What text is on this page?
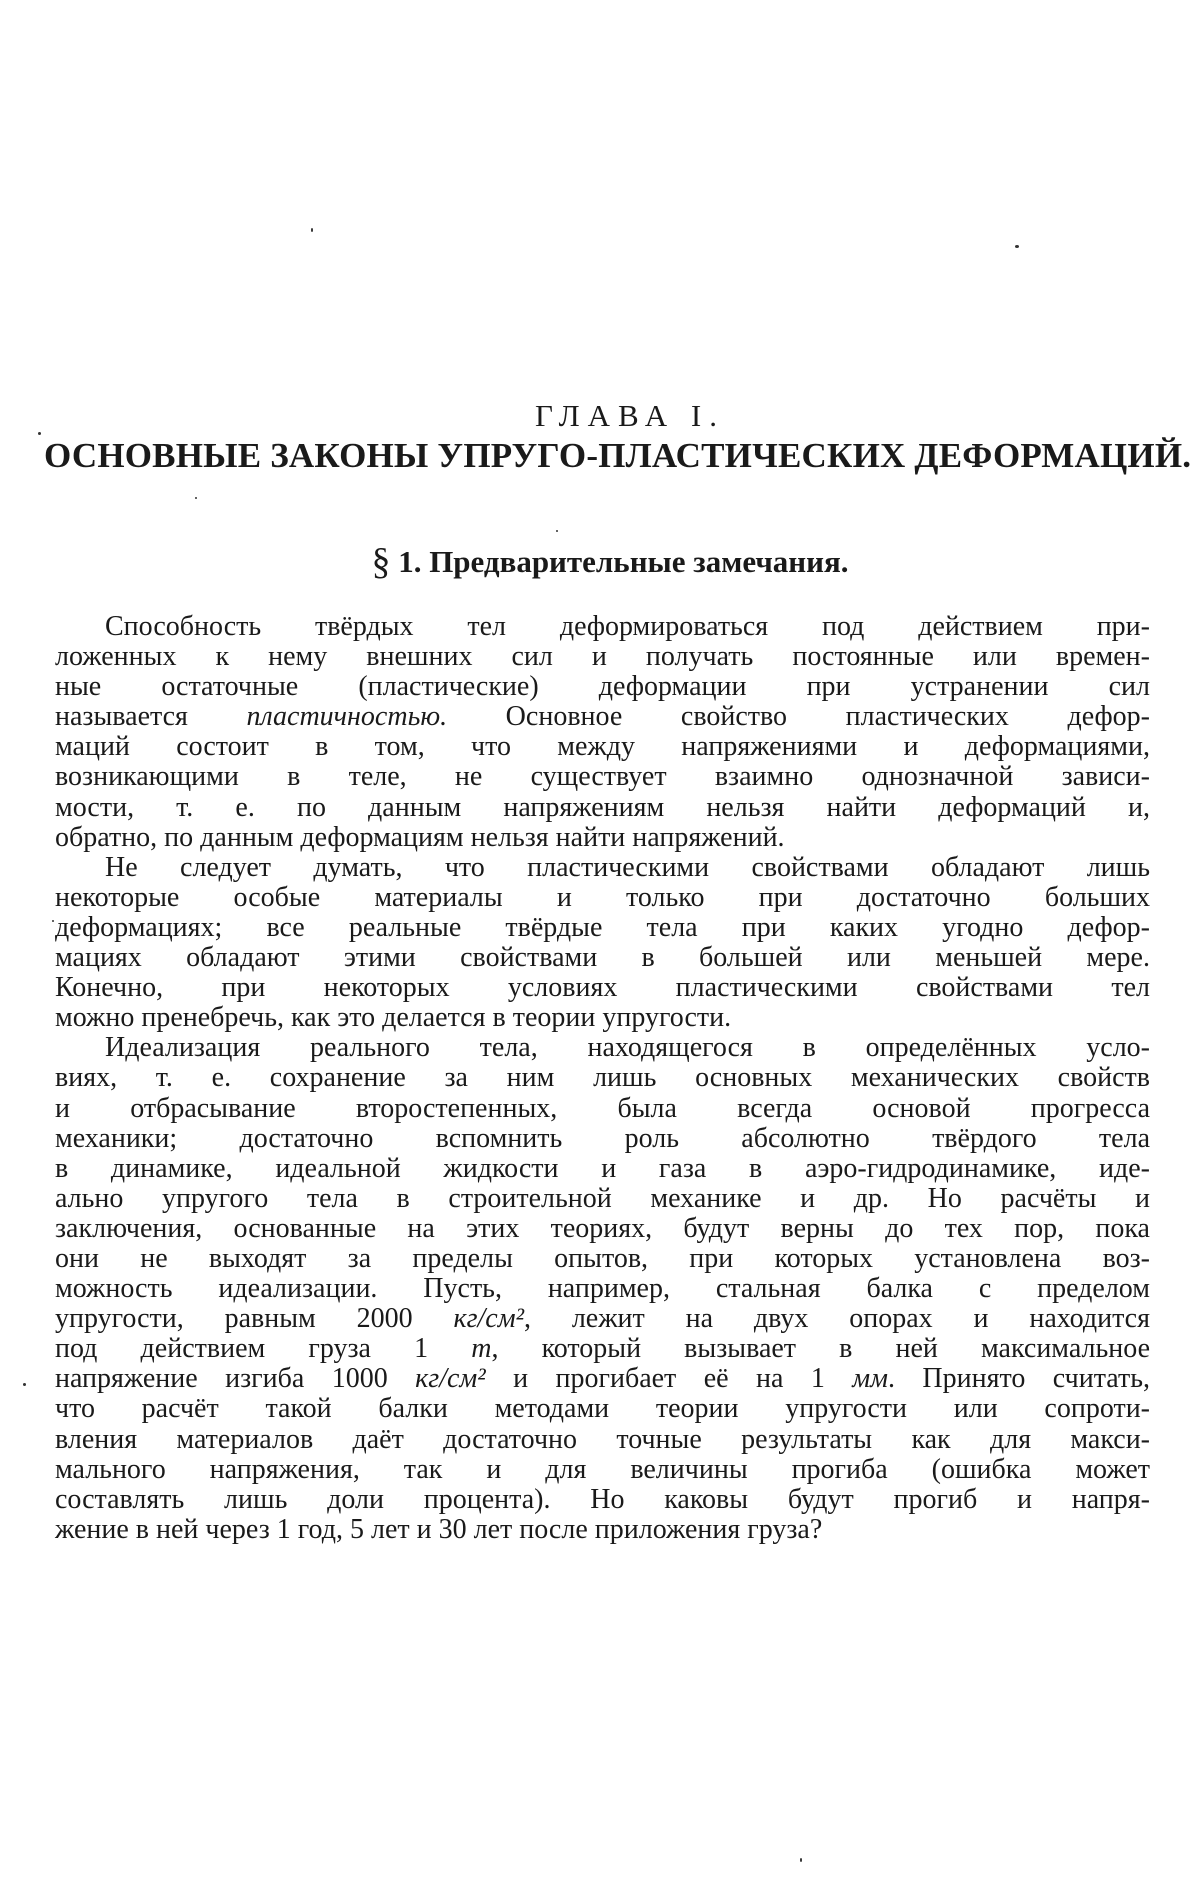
ГЛАВА I.
ОСНОВНЫЕ ЗАКОНЫ УПРУГО-ПЛАСТИЧЕСКИХ ДЕФОРМАЦИЙ.
§ 1. Предварительные замечания.
Способность твёрдых тел деформироваться под действием при-
ложенных к нему внешних сил и получать постоянные или времен-
ные остаточные (пластические) деформации при устранении сил
называется пластичностью. Основное свойство пластических дефор-
маций состоит в том, что между напряжениями и деформациями,
возникающими в теле, не существует взаимно однозначной зависи-
мости, т. е. по данным напряжениям нельзя найти деформаций и,
обратно, по данным деформациям нельзя найти напряжений.
Не следует думать, что пластическими свойствами обладают лишь
некоторые особые материалы и только при достаточно больших
деформациях; все реальные твёрдые тела при каких угодно дефор-
мациях обладают этими свойствами в большей или меньшей мере.
Конечно, при некоторых условиях пластическими свойствами тел
можно пренебречь, как это делается в теории упругости.
Идеализация реального тела, находящегося в определённых усло-
виях, т. е. сохранение за ним лишь основных механических свойств
и отбрасывание второстепенных, была всегда основой прогресса
механики; достаточно вспомнить роль абсолютно твёрдого тела
в динамике, идеальной жидкости и газа в аэро-гидродинамике, иде-
ально упругого тела в строительной механике и др. Но расчёты и
заключения, основанные на этих теориях, будут верны до тех пор, пока
они не выходят за пределы опытов, при которых установлена воз-
можность идеализации. Пусть, например, стальная балка с пределом
упругости, равным 2000 кг/см², лежит на двух опорах и находится
под действием груза 1 т, который вызывает в ней максимальное
напряжение изгиба 1000 кг/см² и прогибает её на 1 мм. Принято считать,
что расчёт такой балки методами теории упругости или сопроти-
вления материалов даёт достаточно точные результаты как для макси-
мального напряжения, так и для величины прогиба (ошибка может
составлять лишь доли процента). Но каковы будут прогиб и напря-
жение в ней через 1 год, 5 лет и 30 лет после приложения груза?
